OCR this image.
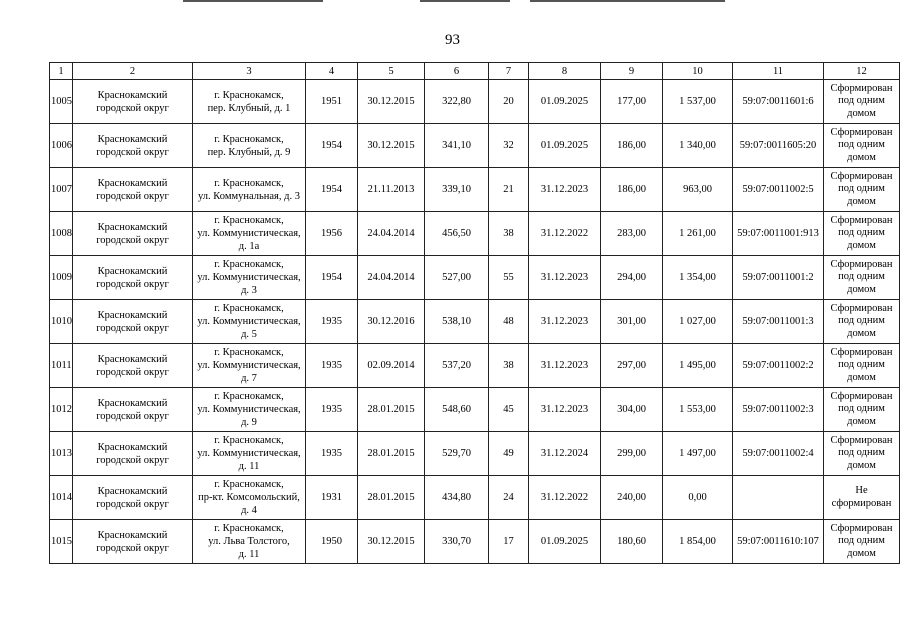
93
1	2	3	4	5	6	7	8	9	10	11	12
1005	Краснокамский городской округ	г. Краснокамск,
пер. Клубный, д. 1	1951	30.12.2015	322,80	20	01.09.2025	177,00	1 537,00	59:07:0011601:6	Сформирован под одним домом
1006	Краснокамский городской округ	г. Краснокамск,
пер. Клубный, д. 9	1954	30.12.2015	341,10	32	01.09.2025	186,00	1 340,00	59:07:0011605:20	Сформирован под одним домом
1007	Краснокамский городской округ	г. Краснокамск,
ул. Коммунальная, д. 3	1954	21.11.2013	339,10	21	31.12.2023	186,00	963,00	59:07:0011002:5	Сформирован под одним домом
1008	Краснокамский городской округ	г. Краснокамск,
ул. Коммунистическая,
д. 1а	1956	24.04.2014	456,50	38	31.12.2022	283,00	1 261,00	59:07:0011001:913	Сформирован под одним домом
1009	Краснокамский городской округ	г. Краснокамск,
ул. Коммунистическая,
д. 3	1954	24.04.2014	527,00	55	31.12.2023	294,00	1 354,00	59:07:0011001:2	Сформирован под одним домом
1010	Краснокамский городской округ	г. Краснокамск,
ул. Коммунистическая,
д. 5	1935	30.12.2016	538,10	48	31.12.2023	301,00	1 027,00	59:07:0011001:3	Сформирован под одним домом
1011	Краснокамский городской округ	г. Краснокамск,
ул. Коммунистическая,
д. 7	1935	02.09.2014	537,20	38	31.12.2023	297,00	1 495,00	59:07:0011002:2	Сформирован под одним домом
1012	Краснокамский городской округ	г. Краснокамск,
ул. Коммунистическая,
д. 9	1935	28.01.2015	548,60	45	31.12.2023	304,00	1 553,00	59:07:0011002:3	Сформирован под одним домом
1013	Краснокамский городской округ	г. Краснокамск,
ул. Коммунистическая,
д. 11	1935	28.01.2015	529,70	49	31.12.2024	299,00	1 497,00	59:07:0011002:4	Сформирован под одним домом
1014	Краснокамский городской округ	г. Краснокамск,
пр-кт. Комсомольский,
д. 4	1931	28.01.2015	434,80	24	31.12.2022	240,00	0,00		Не сформирован
1015	Краснокамский городской округ	г. Краснокамск,
ул. Льва Толстого,
д. 11	1950	30.12.2015	330,70	17	01.09.2025	180,60	1 854,00	59:07:0011610:107	Сформирован под одним домом
